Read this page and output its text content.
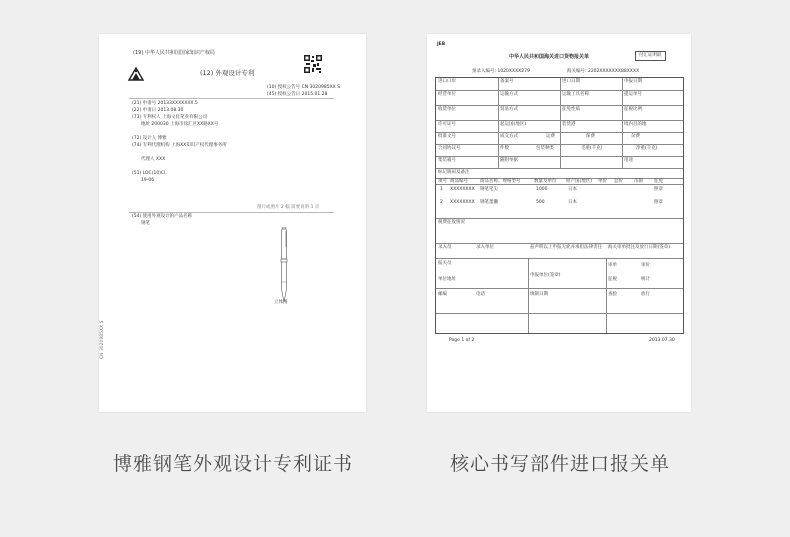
(19) 中华人民共和国国家知识产权局
(12) 外观设计专利
(10) 授权公告号 CN 3020985XX S
(45) 授权公告日 2015.01.28
(21) 申请号 20133XXXXXXX.5
(22) 申请日 2013.08.30
(73) 专利权人 上海文化笔业有限公司
地址 200030 上海市徐汇区XX路XX号
(72) 设计人 博雅
(74) 专利代理机构 上海XX知识产权代理事务所
代理人 XXX
(51) LOC(10)Cl.
19-06
图片或照片 2 幅 简要说明 1 页
(54) 使用外观设计的产品名称
钢笔
立体图
CN 3020985XX S
JEB
中华人民共和国海关进口货物报关单	付汇证明联
预录入编号: 1020XXXX279	海关编号: 2202XXXXXXX88XXXX
进口口岸	备案号	进口日期	申报日期
经营单位	运输方式	运输工具名称	提运单号
收货单位	贸易方式	征免性质	征税比例
许可证号	起运国(地区)	装货港	境内目的地
批准文号	成交方式	运费	保费	杂费
合同协议号	件数	包装种类	毛重(千克)	净重(千克)
集装箱号	随附单据	用途
标记唛码及备注
项号 商品编号	商品名称、规格型号	数量及单位 原产国(地区) 单价 总价 币制 征免
1 XXXXXXXX 钢笔笔尖	1000	日本	照章
2 XXXXXXXX 钢笔墨囊	500	日本	照章
税费征收情况
录入员	录入单位	兹声明以上申报无讹并承担法律责任 海关审单批注及放行日期(签章)
审单	审价
报关员
单位地址
申报单位(签章)
征税	统计
邮编	电话	填制日期	查验	放行
Page 1 of 2	2013.07.30
博雅钢笔外观设计专利证书	核心书写部件进口报关单
